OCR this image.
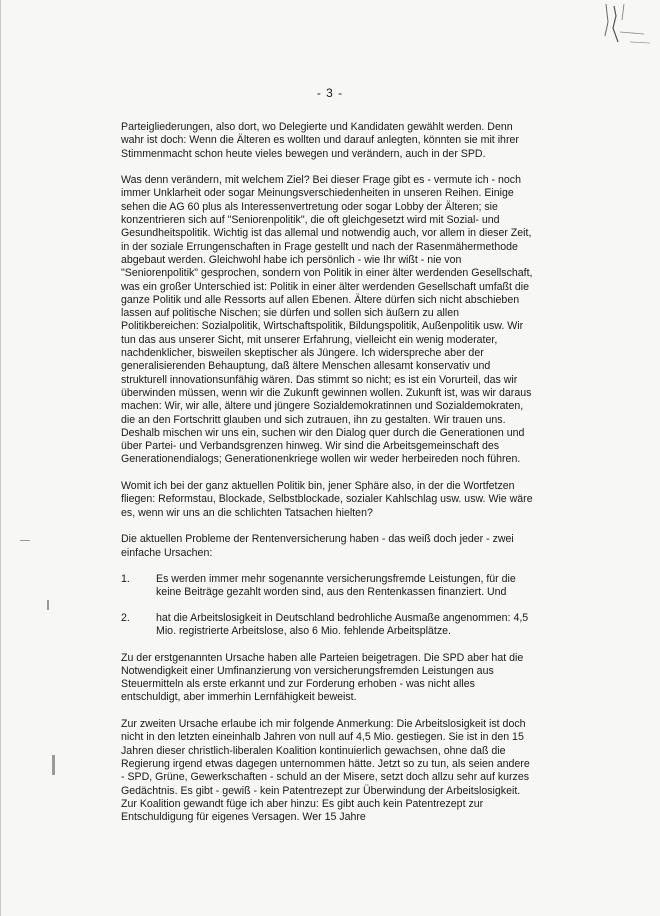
- 3 -

Parteigliederungen, also dort, wo Delegierte und Kandidaten gewählt werden. Denn wahr ist doch: Wenn die Älteren es wollten und darauf anlegten, könnten sie mit ihrer Stimmenmacht schon heute vieles bewegen und verändern, auch in der SPD.

Was denn verändern, mit welchem Ziel? Bei dieser Frage gibt es - vermute ich - noch immer Unklarheit oder sogar Meinungsverschiedenheiten in unseren Reihen. Einige sehen die AG 60 plus als Interessenvertretung oder sogar Lobby der Älteren; sie konzentrieren sich auf "Seniorenpolitik", die oft gleichgesetzt wird mit Sozial- und Gesundheitspolitik. Wichtig ist das allemal und notwendig auch, vor allem in dieser Zeit, in der soziale Errungenschaften in Frage gestellt und nach der Rasenmähermethode abgebaut werden. Gleichwohl habe ich persönlich - wie Ihr wißt - nie von "Seniorenpolitik" gesprochen, sondern von Politik in einer älter werdenden Gesellschaft, was ein großer Unterschied ist: Politik in einer älter werdenden Gesellschaft umfaßt die ganze Politik und alle Ressorts auf allen Ebenen. Ältere dürfen sich nicht abschieben lassen auf politische Nischen; sie dürfen und sollen sich äußern zu allen Politikbereichen: Sozialpolitik, Wirtschaftspolitik, Bildungspolitik, Außenpolitik usw. Wir tun das aus unserer Sicht, mit unserer Erfahrung, vielleicht ein wenig moderater, nachdenklicher, bisweilen skeptischer als Jüngere. Ich widerspreche aber der generalisierenden Behauptung, daß ältere Menschen allesamt konservativ und strukturell innovationsunfähig wären. Das stimmt so nicht; es ist ein Vorurteil, das wir überwinden müssen, wenn wir die Zukunft gewinnen wollen. Zukunft ist, was wir daraus machen: Wir, wir alle, ältere und jüngere Sozialdemokratinnen und Sozialdemokraten, die an den Fortschritt glauben und sich zutrauen, ihn zu gestalten. Wir trauen uns. Deshalb mischen wir uns ein, suchen wir den Dialog quer durch die Generationen und über Partei- und Verbandsgrenzen hinweg. Wir sind die Arbeitsgemeinschaft des Generationendialogs; Generationenkriege wollen wir weder herbeireden noch führen.

Womit ich bei der ganz aktuellen Politik bin, jener Sphäre also, in der die Wortfetzen fliegen: Reformstau, Blockade, Selbstblockade, sozialer Kahlschlag usw. usw. Wie wäre es, wenn wir uns an die schlichten Tatsachen hielten?

Die aktuellen Probleme der Rentenversicherung haben - das weiß doch jeder - zwei einfache Ursachen:

1.	Es werden immer mehr sogenannte versicherungsfremde Leistungen, für die keine Beiträge gezahlt worden sind, aus den Rentenkassen finanziert. Und
2.	hat die Arbeitslosigkeit in Deutschland bedrohliche Ausmaße angenommen: 4,5 Mio. registrierte Arbeitslose, also 6 Mio. fehlende Arbeitsplätze.

Zu der erstgenannten Ursache haben alle Parteien beigetragen. Die SPD aber hat die Notwendigkeit einer Umfinanzierung von versicherungsfremden Leistungen aus Steuermitteln als erste erkannt und zur Forderung erhoben - was nicht alles entschuldigt, aber immerhin Lernfähigkeit beweist.

Zur zweiten Ursache erlaube ich mir folgende Anmerkung: Die Arbeitslosigkeit ist doch nicht in den letzten eineinhalb Jahren von null auf 4,5 Mio. gestiegen. Sie ist in den 15 Jahren dieser christlich-liberalen Koalition kontinuierlich gewachsen, ohne daß die Regierung irgend etwas dagegen unternommen hätte. Jetzt so zu tun, als seien andere - SPD, Grüne, Gewerkschaften - schuld an der Misere, setzt doch allzu sehr auf kurzes Gedächtnis. Es gibt - gewiß - kein Patentrezept zur Überwindung der Arbeitslosigkeit. Zur Koalition gewandt füge ich aber hinzu: Es gibt auch kein Patentrezept zur Entschuldigung für eigenes Versagen. Wer 15 Jahre
